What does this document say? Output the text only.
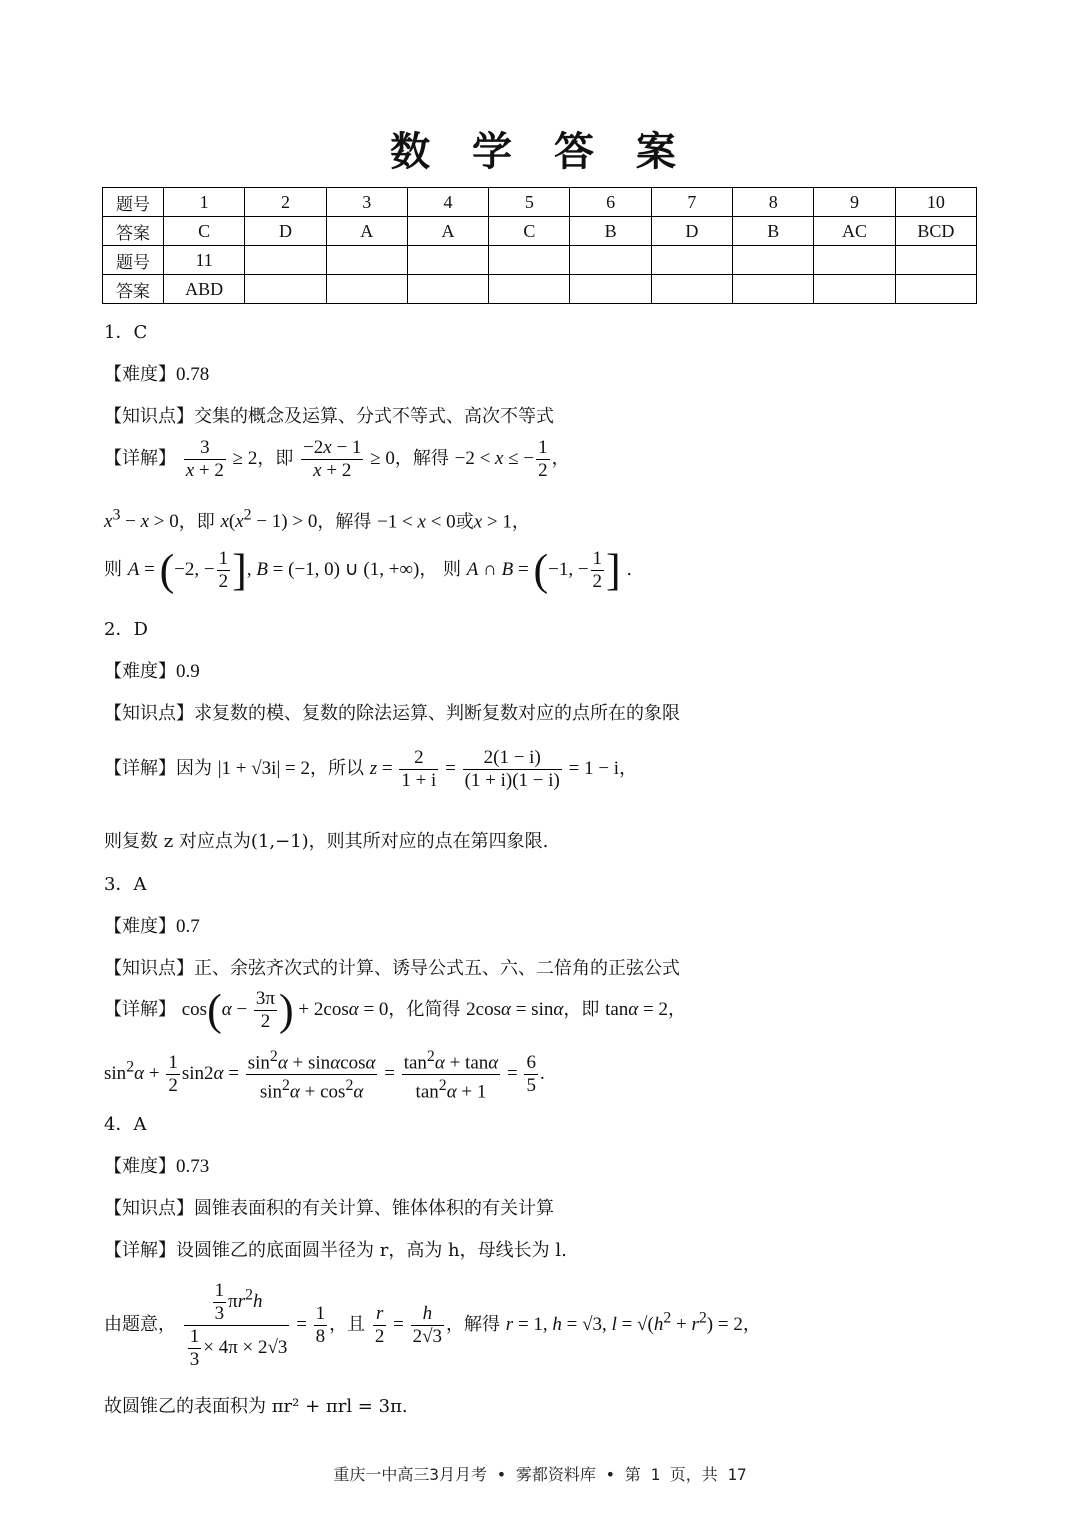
数 学 答 案
题号	1	2	3	4	5	6	7	8	9	10
答案	C	D	A	A	C	B	D	B	AC	BCD
题号	11									
答案	ABD									
1．C
【难度】0.78
【知识点】交集的概念及运算、分式不等式、高次不等式
【详解】 $\frac{3}{x + 2} \ge 2$，即 $\frac{-2x - 1}{x + 2} \ge 0$，解得 −2 < x ≤ − $\frac{1}{2}$ ，
$x^3 - x > 0$，即 $x(x^2 - 1) > 0$，解得 −1 < x < 0或x > 1，
则 A = (−2, − $\frac{1}{2}$ ], B = (−1, 0) ∪ (1, +∞)， 则 A ∩ B = (−1, − $\frac{1}{2}$ ] .
2．D
【难度】0.9
【知识点】求复数的模、复数的除法运算、判断复数对应的点所在的象限
【详解】因为 |1 + √3i| = 2，所以 $z = \frac{2}{1 + i} = \frac{2(1 - i)}{(1 + i)(1 - i)} = 1 - i$，
则复数 z 对应点为(1,−1)，则其所对应的点在第四象限.
3．A
【难度】0.7
【知识点】正、余弦齐次式的计算、诱导公式五、六、二倍角的正弦公式
【详解】 $\cos(\alpha - \frac{3\pi}{2}$ ) + 2cosα = 0，化简得 2cosα = sinα，即 tanα = 2，
$\sin^2\alpha + \frac{1}{2} \sin 2\alpha = \frac{\sin^2\alpha + \sin\alpha\cos\alpha}{\sin^2\alpha + \cos^2\alpha} = \frac{\tan^2\alpha + \tan\alpha}{\tan^2\alpha + 1} = \frac{6}{5}$ .
4．A
【难度】0.73
【知识点】圆锥表面积的有关计算、锥体体积的有关计算
【详解】设圆锥乙的底面圆半径为 r，高为 h，母线长为 l.
由题意， $\frac{\frac{1}{3} \pi r^2h}{\frac{1}{3} \times 4\pi \times 2√3} = \frac{1}{8}$ ，且 $\frac{r}{2} = \frac{h}{2√3}$ ，解得 r = 1, h = √3, $l = √(h^2 + r^2) = 2$，
故圆锥乙的表面积为 πr² + πrl = 3π.
重庆一中高三3月月考 • 雾都资料库 • 第 1 页，共 17
